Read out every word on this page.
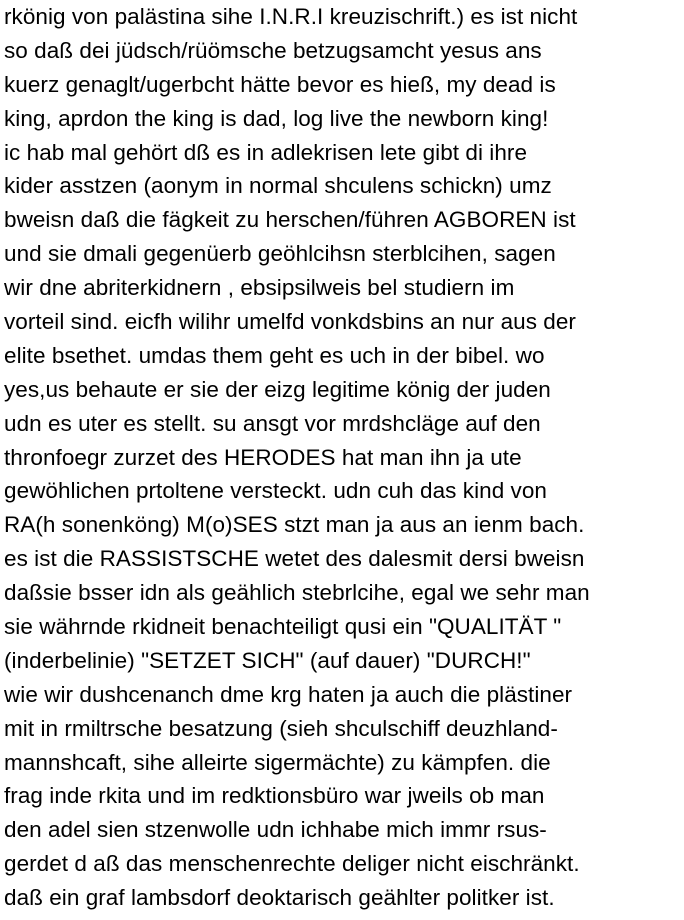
rkönig von palästina sihe I.N.R.I kreuzischrift.) es ist nicht
so daß dei jüdsch/rüömsche betzugsamcht yesus ans
kuerz genaglt/ugerbcht hätte bevor es hieß, my dead is
king, aprdon the king is dad, log live the newborn king!
ic hab mal gehört dß es in adlekrisen lete gibt di ihre
kider asstzen (aonym in normal shculens schickn) umz
bweisn daß die fägkeit zu herschen/führen AGBOREN ist
und sie dmali gegenüerb geöhlcihsn sterblcihen, sagen
wir dne abriterkidnern , ebsipsilweis bel studiern im
vorteil sind. eicfh wilihr umelfd vonkdsbins an nur aus der
elite bsethet. umdas them geht es uch in der bibel. wo
yes,us behaute er sie der eizg legitime könig der juden
udn es uter es stellt. su ansgt vor mrdshcläge auf den
thronfoegr zurzet des HERODES hat man ihn ja ute
gewöhlichen prtoltene versteckt. udn cuh das kind von
RA(h sonenköng) M(o)SES stzt man ja aus an ienm bach.
es ist die RASSISTSCHE wetet des dalesmit dersi bweisn
daßsie bsser idn als geählich stebrlcihe, egal we sehr man
sie währnde rkidneit benachteiligt qusi ein "QUALITÄT "
(inderbelinie) "SETZET SICH" (auf dauer) "DURCH!"
wie wir dushcenanch dme krg haten ja auch die plästiner
mit in rmiltrsche besatzung (sieh shculschiff deuzhland-
mannshcaft, sihe alleirte sigermächte) zu kämpfen. die
frag inde rkita und im redktionsbüro war jweils ob man
den adel sien stzenwolle udn ichhabe mich immr rsus-
gerdet d aß das menschenrechte deliger nicht eischränkt.
daß ein graf lambsdorf deoktarisch geählter politker ist.
